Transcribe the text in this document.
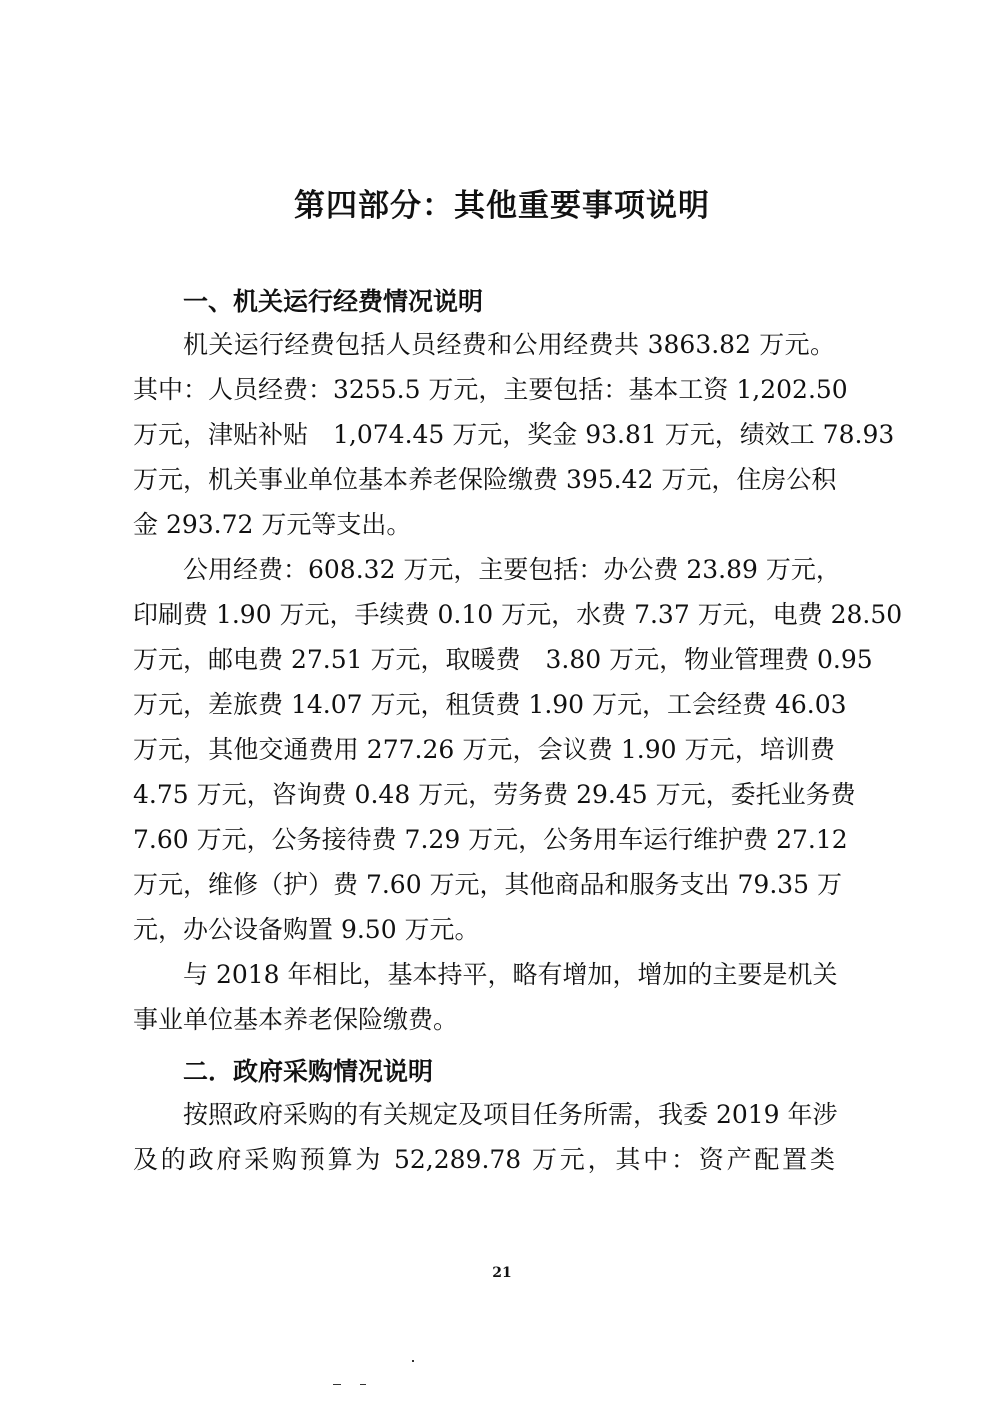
第四部分：其他重要事项说明
一、机关运行经费情况说明

机关运行经费包括人员经费和公用经费共 3863.82 万元。

其中：人员经费：3255.5 万元，主要包括：基本工资 1,202.50

万元，津贴补贴　1,074.45 万元，奖金 93.81 万元，绩效工 78.93

万元，机关事业单位基本养老保险缴费 395.42 万元，住房公积

金 293.72 万元等支出。

公用经费：608.32 万元，主要包括：办公费 23.89 万元，

印刷费 1.90 万元，手续费 0.10 万元，水费 7.37 万元，电费 28.50

万元，邮电费 27.51 万元，取暖费　3.80 万元，物业管理费 0.95

万元，差旅费 14.07 万元，租赁费 1.90 万元，工会经费 46.03

万元，其他交通费用 277.26 万元，会议费 1.90 万元，培训费

4.75 万元，咨询费 0.48 万元，劳务费 29.45 万元，委托业务费

7.60 万元，公务接待费 7.29 万元，公务用车运行维护费 27.12

万元，维修（护）费 7.60 万元，其他商品和服务支出 79.35 万

元，办公设备购置 9.50 万元。

与 2018 年相比，基本持平，略有增加，增加的主要是机关

事业单位基本养老保险缴费。

二．政府采购情况说明

按照政府采购的有关规定及项目任务所需，我委 2019 年涉

及的政府采购预算为 52,289.78 万元，其中：资产配置类

21
